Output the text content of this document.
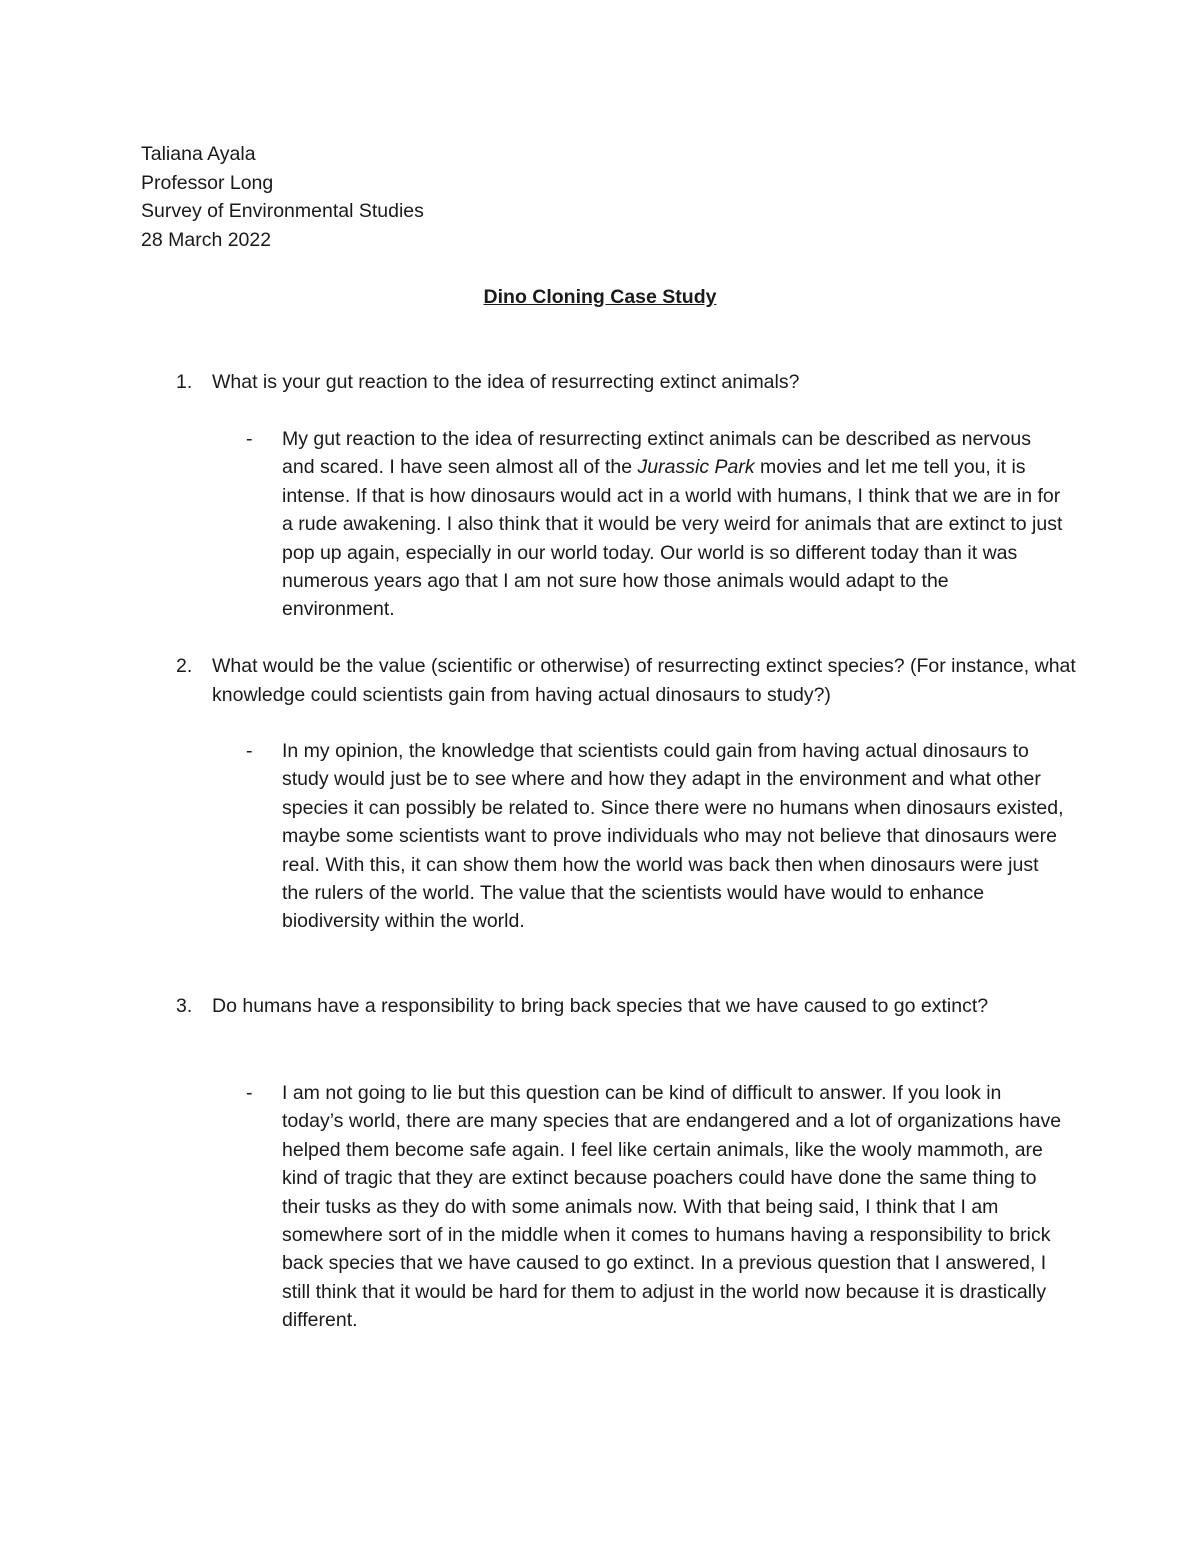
Taliana Ayala
Professor Long
Survey of Environmental Studies
28 March 2022
Dino Cloning Case Study
1.	What is your gut reaction to the idea of resurrecting extinct animals?
- My gut reaction to the idea of resurrecting extinct animals can be described as nervous and scared. I have seen almost all of the Jurassic Park movies and let me tell you, it is intense. If that is how dinosaurs would act in a world with humans, I think that we are in for a rude awakening. I also think that it would be very weird for animals that are extinct to just pop up again, especially in our world today. Our world is so different today than it was numerous years ago that I am not sure how those animals would adapt to the environment.
2.	What would be the value (scientific or otherwise) of resurrecting extinct species? (For instance, what knowledge could scientists gain from having actual dinosaurs to study?)
- In my opinion, the knowledge that scientists could gain from having actual dinosaurs to study would just be to see where and how they adapt in the environment and what other species it can possibly be related to. Since there were no humans when dinosaurs existed, maybe some scientists want to prove individuals who may not believe that dinosaurs were real. With this, it can show them how the world was back then when dinosaurs were just the rulers of the world. The value that the scientists would have would to enhance biodiversity within the world.
3.	Do humans have a responsibility to bring back species that we have caused to go extinct?
- I am not going to lie but this question can be kind of difficult to answer. If you look in today’s world, there are many species that are endangered and a lot of organizations have helped them become safe again. I feel like certain animals, like the wooly mammoth, are kind of tragic that they are extinct because poachers could have done the same thing to their tusks as they do with some animals now. With that being said, I think that I am somewhere sort of in the middle when it comes to humans having a responsibility to brick back species that we have caused to go extinct. In a previous question that I answered, I still think that it would be hard for them to adjust in the world now because it is drastically different.
